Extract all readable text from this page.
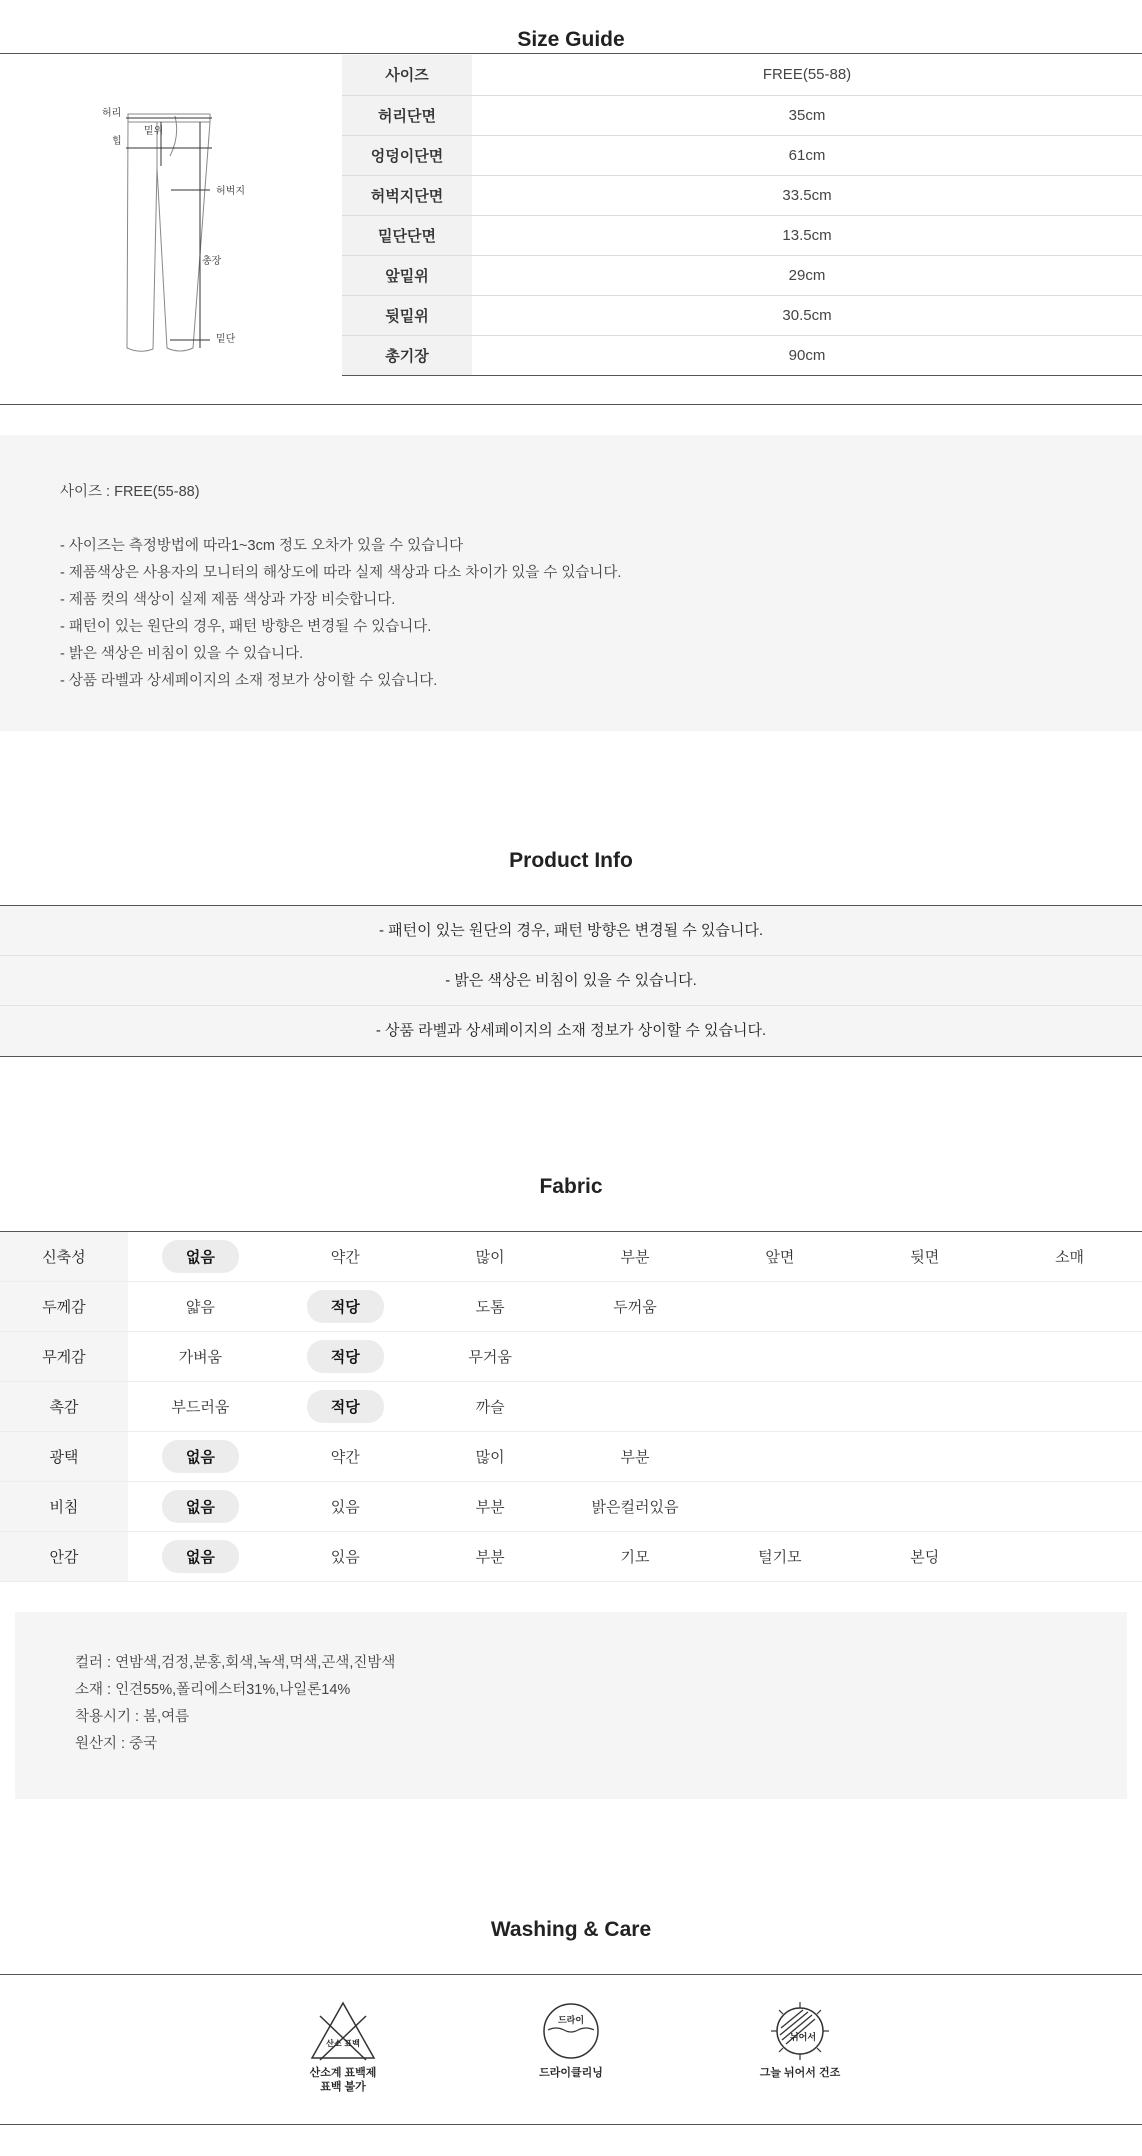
Size Guide
허리
힙
밑위
허벅지
총장
밑단
사이즈	FREE(55-88)
허리단면	35cm
엉덩이단면	61cm
허벅지단면	33.5cm
밑단단면	13.5cm
앞밑위	29cm
뒷밑위	30.5cm
총기장	90cm

사이즈 : FREE(55-88)

- 사이즈는 측정방법에 따라1~3cm 정도 오차가 있을 수 있습니다

- 제품색상은 사용자의 모니터의 해상도에 따라 실제 색상과 다소 차이가 있을 수 있습니다.

- 제품 컷의 색상이 실제 제품 색상과 가장 비슷합니다.

- 패턴이 있는 원단의 경우, 패턴 방향은 변경될 수 있습니다.

- 밝은 색상은 비침이 있을 수 있습니다.

- 상품 라벨과 상세페이지의 소재 정보가 상이할 수 있습니다.

Product Info
- 패턴이 있는 원단의 경우, 패턴 방향은 변경될 수 있습니다.
- 밝은 색상은 비침이 있을 수 있습니다.
- 상품 라벨과 상세페이지의 소재 정보가 상이할 수 있습니다.
Fabric
신축성	없음	약간	많이	부분	앞면	뒷면	소매
두께감	얇음	적당	도톰	두꺼움			
무게감	가벼움	적당	무거움				
촉감	부드러움	적당	까슬				
광택	없음	약간	많이	부분			
비침	없음	있음	부분	밝은컬러있음			
안감	없음	있음	부분	기모	털기모	본딩	

컬러 : 연밤색,검정,분홍,회색,녹색,먹색,곤색,진밤색

소재 : 인견55%,폴리에스터31%,나일론14%

착용시기 : 봄,여름

원산지 : 중국

Washing & Care
산소 표백
산소계 표백제
표백 불가
드라이
드라이클리닝
뉘어서
그늘 뉘어서 건조
